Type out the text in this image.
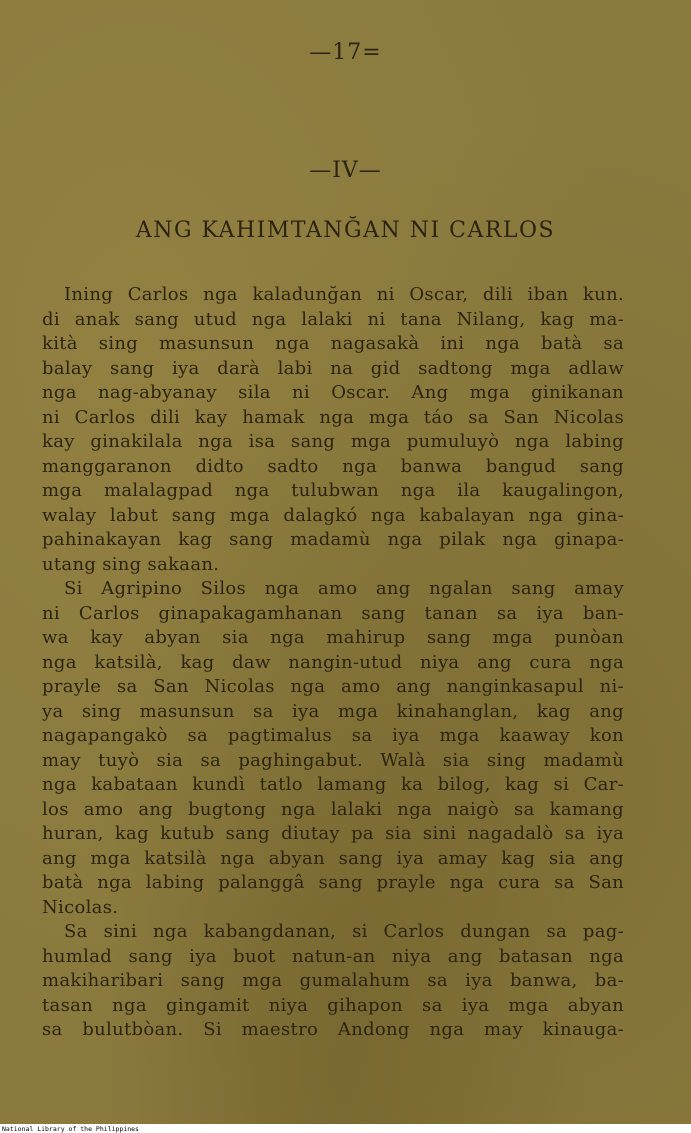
—17=
—IV—
ANG KAHIMTANĞAN NI CARLOS
Ining Carlos nga kaladunğan ni Oscar, dili iban kun.
di anak sang utud nga lalaki ni tana Nilang, kag ma-
kità sing masunsun nga nagasakà ini nga batà sa
balay sang iya darà labi na gid sadtong mga adlaw
nga nag-abyanay sila ni Oscar. Ang mga ginikanan
ni Carlos dili kay hamak nga mga táo sa San Nicolas
kay ginakilala nga isa sang mga pumuluyò nga labing
manggaranon didto sadto nga banwa bangud sang
mga malalagpad nga tulubwan nga ila kaugalingon,
walay labut sang mga dalagkó nga kabalayan nga gina-
pahinakayan kag sang madamù nga pilak nga ginapa-
utang sing sakaan.
Si Agripino Silos nga amo ang ngalan sang amay
ni Carlos ginapakagamhanan sang tanan sa iya ban-
wa kay abyan sia nga mahirup sang mga punòan
nga katsilà, kag daw nangin-utud niya ang cura nga
prayle sa San Nicolas nga amo ang nanginkasapul ni-
ya sing masunsun sa iya mga kinahanglan, kag ang
nagapangakò sa pagtimalus sa iya mga kaaway kon
may tuyò sia sa paghingabut. Walà sia sing madamù
nga kabataan kundì tatlo lamang ka bilog, kag si Car-
los amo ang bugtong nga lalaki nga naigò sa kamang
huran, kag kutub sang diutay pa sia sini nagadalò sa iya
ang mga katsilà nga abyan sang iya amay kag sia ang
batà nga labing palanggâ sang prayle nga cura sa San
Nicolas.
Sa sini nga kabangdanan, si Carlos dungan sa pag-
humlad sang iya buot natun-an niya ang batasan nga
makiharibari sang mga gumalahum sa iya banwa, ba-
tasan nga gingamit niya gihapon sa iya mga abyan
sa bulutbòan. Si maestro Andong nga may kinauga-
National Library of the Philippines
